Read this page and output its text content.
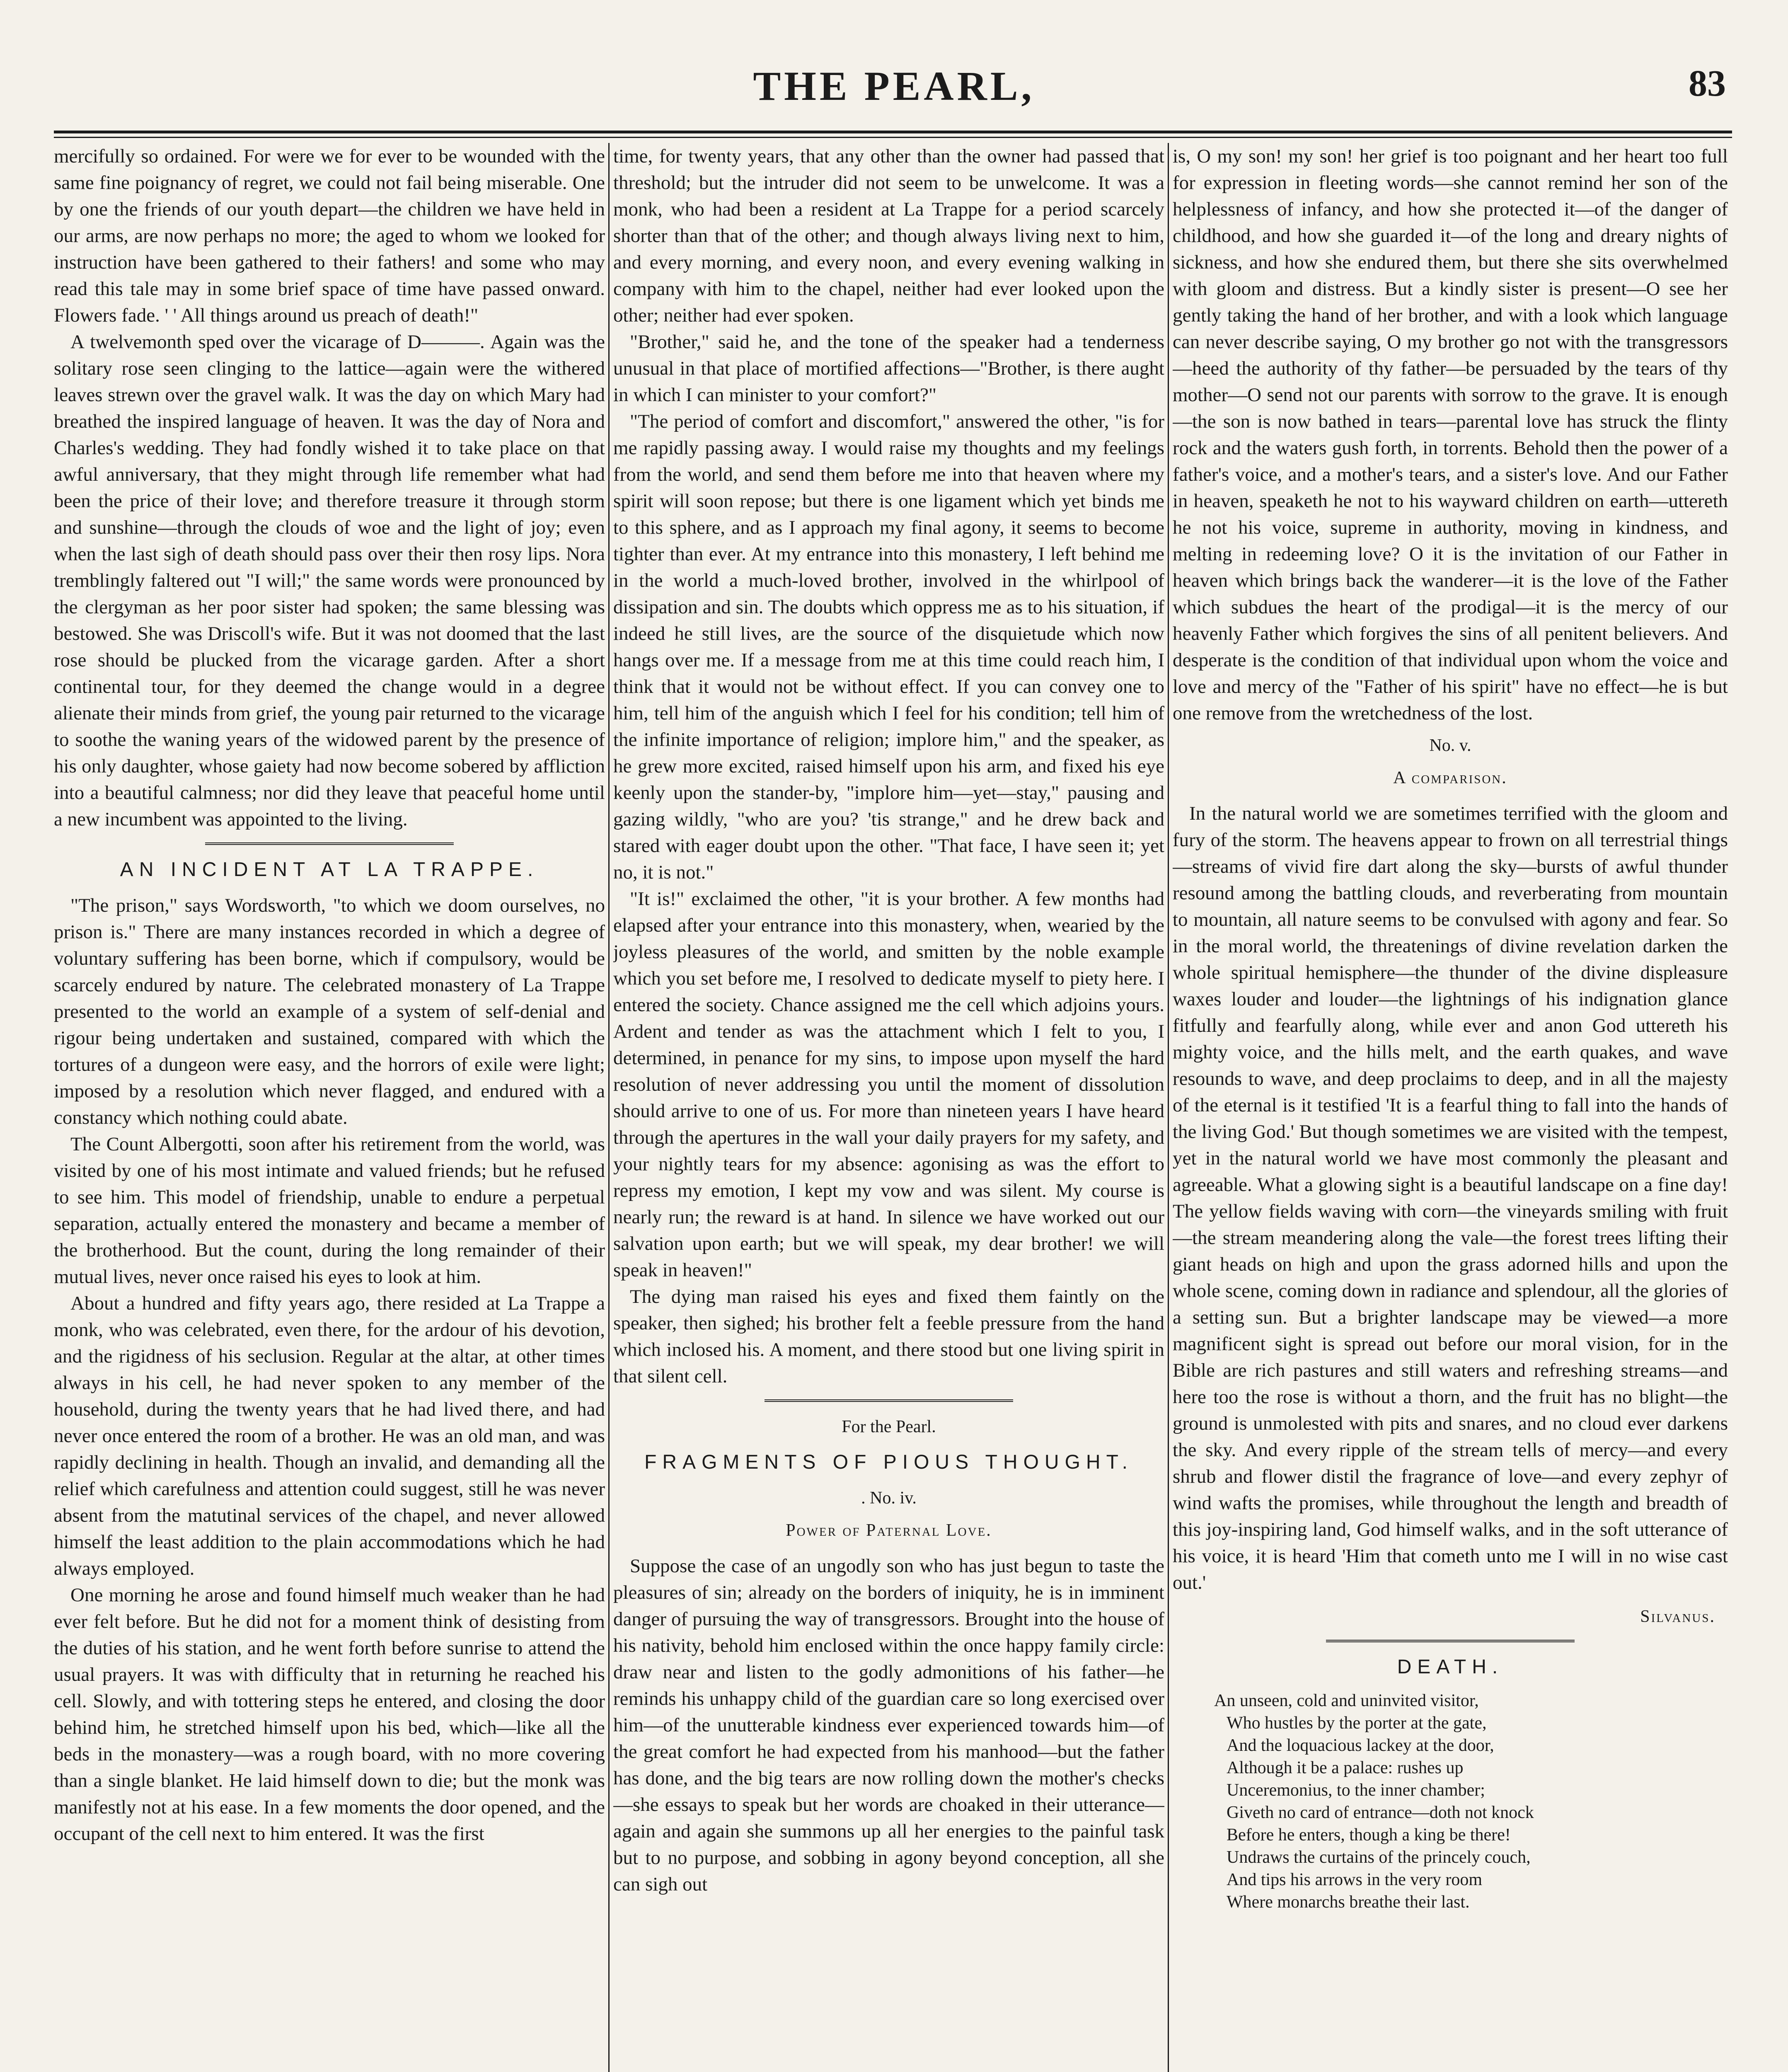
THE PEARL,	83

mercifully so ordained. For were we for ever to be wounded with the same fine poignancy of regret, we could not fail being miserable. One by one the friends of our youth depart—the children we have held in our arms, are now perhaps no more; the aged to whom we looked for instruction have been gathered to their fathers! and some who may read this tale may in some brief space of time have passed onward. Flowers fade. ' ' All things around us preach of death!"

A twelvemonth sped over the vicarage of D———. Again was the solitary rose seen clinging to the lattice—again were the withered leaves strewn over the gravel walk. It was the day on which Mary had breathed the inspired language of heaven. It was the day of Nora and Charles's wedding. They had fondly wished it to take place on that awful anniversary, that they might through life remember what had been the price of their love; and therefore treasure it through storm and sunshine—through the clouds of woe and the light of joy; even when the last sigh of death should pass over their then rosy lips. Nora tremblingly faltered out "I will;" the same words were pronounced by the clergyman as her poor sister had spoken; the same blessing was bestowed. She was Driscoll's wife. But it was not doomed that the last rose should be plucked from the vicarage garden. After a short continental tour, for they deemed the change would in a degree alienate their minds from grief, the young pair returned to the vicarage to soothe the waning years of the widowed parent by the presence of his only daughter, whose gaiety had now become sobered by affliction into a beautiful calmness; nor did they leave that peaceful home until a new incumbent was appointed to the living.

AN INCIDENT AT LA TRAPPE.

"The prison," says Wordsworth, "to which we doom ourselves, no prison is." There are many instances recorded in which a degree of voluntary suffering has been borne, which if compulsory, would be scarcely endured by nature. The celebrated monastery of La Trappe presented to the world an example of a system of self-denial and rigour being undertaken and sustained, compared with which the tortures of a dungeon were easy, and the horrors of exile were light; imposed by a resolution which never flagged, and endured with a constancy which nothing could abate.

The Count Albergotti, soon after his retirement from the world, was visited by one of his most intimate and valued friends; but he refused to see him. This model of friendship, unable to endure a perpetual separation, actually entered the monastery and became a member of the brotherhood. But the count, during the long remainder of their mutual lives, never once raised his eyes to look at him.

About a hundred and fifty years ago, there resided at La Trappe a monk, who was celebrated, even there, for the ardour of his devotion, and the rigidness of his seclusion. Regular at the altar, at other times always in his cell, he had never spoken to any member of the household, during the twenty years that he had lived there, and had never once entered the room of a brother. He was an old man, and was rapidly declining in health. Though an invalid, and demanding all the relief which carefulness and attention could suggest, still he was never absent from the matutinal services of the chapel, and never allowed himself the least addition to the plain accommodations which he had always employed.

One morning he arose and found himself much weaker than he had ever felt before. But he did not for a moment think of desisting from the duties of his station, and he went forth before sunrise to attend the usual prayers. It was with difficulty that in returning he reached his cell. Slowly, and with tottering steps he entered, and closing the door behind him, he stretched himself upon his bed, which—like all the beds in the monastery—was a rough board, with no more covering than a single blanket. He laid himself down to die; but the monk was manifestly not at his ease. In a few moments the door opened, and the occupant of the cell next to him entered. It was the first

time, for twenty years, that any other than the owner had passed that threshold; but the intruder did not seem to be unwelcome. It was a monk, who had been a resident at La Trappe for a period scarcely shorter than that of the other; and though always living next to him, and every morning, and every noon, and every evening walking in company with him to the chapel, neither had ever looked upon the other; neither had ever spoken.

"Brother," said he, and the tone of the speaker had a tenderness unusual in that place of mortified affections—"Brother, is there aught in which I can minister to your comfort?"

"The period of comfort and discomfort," answered the other, "is for me rapidly passing away. I would raise my thoughts and my feelings from the world, and send them before me into that heaven where my spirit will soon repose; but there is one ligament which yet binds me to this sphere, and as I approach my final agony, it seems to become tighter than ever. At my entrance into this monastery, I left behind me in the world a much-loved brother, involved in the whirlpool of dissipation and sin. The doubts which oppress me as to his situation, if indeed he still lives, are the source of the disquietude which now hangs over me. If a message from me at this time could reach him, I think that it would not be without effect. If you can convey one to him, tell him of the anguish which I feel for his condition; tell him of the infinite importance of religion; implore him," and the speaker, as he grew more excited, raised himself upon his arm, and fixed his eye keenly upon the stander-by, "implore him—yet—stay," pausing and gazing wildly, "who are you? 'tis strange," and he drew back and stared with eager doubt upon the other. "That face, I have seen it; yet no, it is not."

"It is!" exclaimed the other, "it is your brother. A few months had elapsed after your entrance into this monastery, when, wearied by the joyless pleasures of the world, and smitten by the noble example which you set before me, I resolved to dedicate myself to piety here. I entered the society. Chance assigned me the cell which adjoins yours. Ardent and tender as was the attachment which I felt to you, I determined, in penance for my sins, to impose upon myself the hard resolution of never addressing you until the moment of dissolution should arrive to one of us. For more than nineteen years I have heard through the apertures in the wall your daily prayers for my safety, and your nightly tears for my absence: agonising as was the effort to repress my emotion, I kept my vow and was silent. My course is nearly run; the reward is at hand. In silence we have worked out our salvation upon earth; but we will speak, my dear brother! we will speak in heaven!"

The dying man raised his eyes and fixed them faintly on the speaker, then sighed; his brother felt a feeble pressure from the hand which inclosed his. A moment, and there stood but one living spirit in that silent cell.

For the Pearl.
FRAGMENTS OF PIOUS THOUGHT.
. No. iv.
Power of Paternal Love.

Suppose the case of an ungodly son who has just begun to taste the pleasures of sin; already on the borders of iniquity, he is in imminent danger of pursuing the way of transgressors. Brought into the house of his nativity, behold him enclosed within the once happy family circle: draw near and listen to the godly admonitions of his father—he reminds his unhappy child of the guardian care so long exercised over him—of the unutterable kindness ever experienced towards him—of the great comfort he had expected from his manhood—but the father has done, and the big tears are now rolling down the mother's checks—she essays to speak but her words are choaked in their utterance—again and again she summons up all her energies to the painful task but to no purpose, and sobbing in agony beyond conception, all she can sigh out

is, O my son! my son! her grief is too poignant and her heart too full for expression in fleeting words—she cannot remind her son of the helplessness of infancy, and how she protected it—of the danger of childhood, and how she guarded it—of the long and dreary nights of sickness, and how she endured them, but there she sits overwhelmed with gloom and distress. But a kindly sister is present—O see her gently taking the hand of her brother, and with a look which language can never describe saying, O my brother go not with the transgressors—heed the authority of thy father—be persuaded by the tears of thy mother—O send not our parents with sorrow to the grave. It is enough—the son is now bathed in tears—parental love has struck the flinty rock and the waters gush forth, in torrents. Behold then the power of a father's voice, and a mother's tears, and a sister's love. And our Father in heaven, speaketh he not to his wayward children on earth—uttereth he not his voice, supreme in authority, moving in kindness, and melting in redeeming love? O it is the invitation of our Father in heaven which brings back the wanderer—it is the love of the Father which subdues the heart of the prodigal—it is the mercy of our heavenly Father which forgives the sins of all penitent believers. And desperate is the condition of that individual upon whom the voice and love and mercy of the "Father of his spirit" have no effect—he is but one remove from the wretchedness of the lost.

No. v.
A comparison.

In the natural world we are sometimes terrified with the gloom and fury of the storm. The heavens appear to frown on all terrestrial things—streams of vivid fire dart along the sky—bursts of awful thunder resound among the battling clouds, and reverberating from mountain to mountain, all nature seems to be convulsed with agony and fear. So in the moral world, the threatenings of divine revelation darken the whole spiritual hemisphere—the thunder of the divine displeasure waxes louder and louder—the lightnings of his indignation glance fitfully and fearfully along, while ever and anon God uttereth his mighty voice, and the hills melt, and the earth quakes, and wave resounds to wave, and deep proclaims to deep, and in all the majesty of the eternal is it testified 'It is a fearful thing to fall into the hands of the living God.' But though sometimes we are visited with the tempest, yet in the natural world we have most commonly the pleasant and agreeable. What a glowing sight is a beautiful landscape on a fine day! The yellow fields waving with corn—the vineyards smiling with fruit—the stream meandering along the vale—the forest trees lifting their giant heads on high and upon the grass adorned hills and upon the whole scene, coming down in radiance and splendour, all the glories of a setting sun. But a brighter landscape may be viewed—a more magnificent sight is spread out before our moral vision, for in the Bible are rich pastures and still waters and refreshing streams—and here too the rose is without a thorn, and the fruit has no blight—the ground is unmolested with pits and snares, and no cloud ever darkens the sky. And every ripple of the stream tells of mercy—and every shrub and flower distil the fragrance of love—and every zephyr of wind wafts the promises, while throughout the length and breadth of this joy-inspiring land, God himself walks, and in the soft utterance of his voice, it is heard 'Him that cometh unto me I will in no wise cast out.'

Silvanus.
DEATH.
An unseen, cold and uninvited visitor,
Who hustles by the porter at the gate,
And the loquacious lackey at the door,
Although it be a palace: rushes up
Unceremonius, to the inner chamber;
Giveth no card of entrance—doth not knock
Before he enters, though a king be there!
Undraws the curtains of the princely couch,
And tips his arrows in the very room
Where monarchs breathe their last.
